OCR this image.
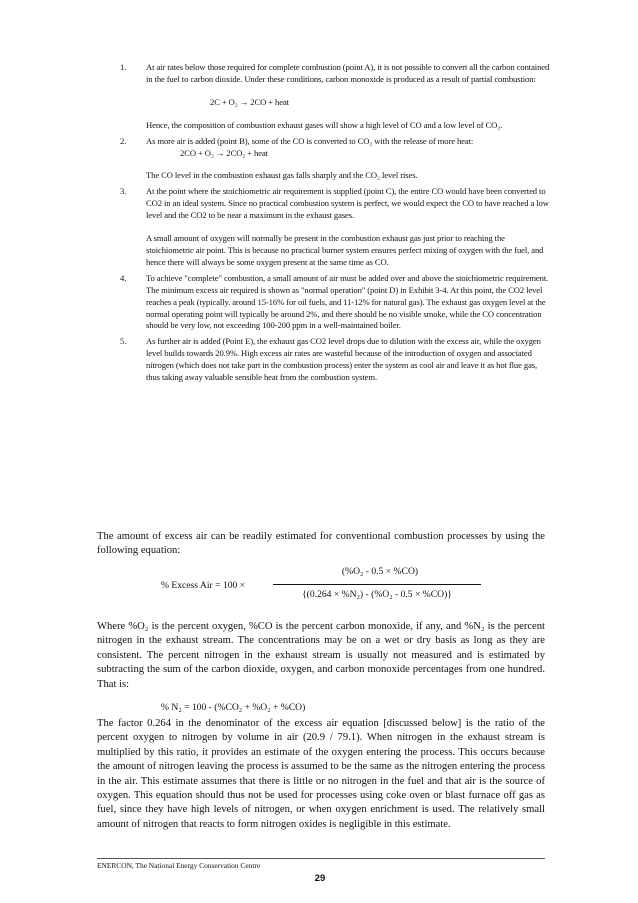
1. At air rates below those required for complete combustion (point A), it is not possible to convert all the carbon contained in the fuel to carbon dioxide. Under these conditions, carbon monoxide is produced as a result of partial combustion:

2C + O₂ → 2CO + heat

Hence, the composition of combustion exhaust gases will show a high level of CO and a low level of CO₂.

2. As more air is added (point B), some of the CO is converted to CO₂ with the release of more heat:

2CO + O₂ → 2CO₂ + heat

The CO level in the combustion exhaust gas falls sharply and the CO₂ level rises.

3. At the point where the stoichiometric air requirement is supplied (point C), the entire CO would have been converted to CO2 in an ideal system. Since no practical combustion system is perfect, we would expect the CO to have reached a low level and the CO2 to be near a maximum in the exhaust gases.

A small amount of oxygen will normally be present in the combustion exhaust gas just prior to reaching the stoichiometric air point. This is because no practical burner system ensures perfect mixing of oxygen with the fuel, and hence there will always be some oxygen present at the same time as CO.

4. To achieve "complete" combustion, a small amount of air must be added over and above the stoichiometric requirement. The minimum excess air required is shown as "normal operation" (point D) in Exhibit 3-4. At this point, the CO2 level reaches a peak (typically. around 15-16% for oil fuels, and 11-12% for natural gas). The exhaust gas oxygen level at the normal operating point will typically be around 2%, and there should be no visible smoke, while the CO concentration should be very low, not exceeding 100-200 ppm in a well-maintained boiler.

5. As further air is added (Point E), the exhaust gas CO2 level drops due to dilution with the excess air, while the oxygen level builds towards 20.9%. High excess air rates are wasteful because of the introduction of oxygen and associated nitrogen (which does not take part in the combustion process) enter the system as cool air and leave it as hot flue gas, thus taking away valuable sensible heat from the combustion system.

The amount of excess air can be readily estimated for conventional combustion processes by using the following equation:

% Excess Air = 100 ×
(%O₂ - 0.5 × %CO)
{(0.264 × %N₂) - (%O₂ - 0.5 × %CO)}

Where %O₂ is the percent oxygen, %CO is the percent carbon monoxide, if any, and %N₂ is the percent nitrogen in the exhaust stream. The concentrations may be on a wet or dry basis as long as they are consistent. The percent nitrogen in the exhaust stream is usually not measured and is estimated by subtracting the sum of the carbon dioxide, oxygen, and carbon monoxide percentages from one hundred. That is:

% N₂ = 100 - (%CO₂ + %O₂ + %CO)

The factor 0.264 in the denominator of the excess air equation [discussed below] is the ratio of the percent oxygen to nitrogen by volume in air (20.9 / 79.1). When nitrogen in the exhaust stream is multiplied by this ratio, it provides an estimate of the oxygen entering the process. This occurs because the amount of nitrogen leaving the process is assumed to be the same as the nitrogen entering the process in the air. This estimate assumes that there is little or no nitrogen in the fuel and that air is the source of oxygen. This equation should thus not be used for processes using coke oven or blast furnace off gas as fuel, since they have high levels of nitrogen, or when oxygen enrichment is used. The relatively small amount of nitrogen that reacts to form nitrogen oxides is negligible in this estimate.

ENERCON, The National Energy Conservation Centre
29
